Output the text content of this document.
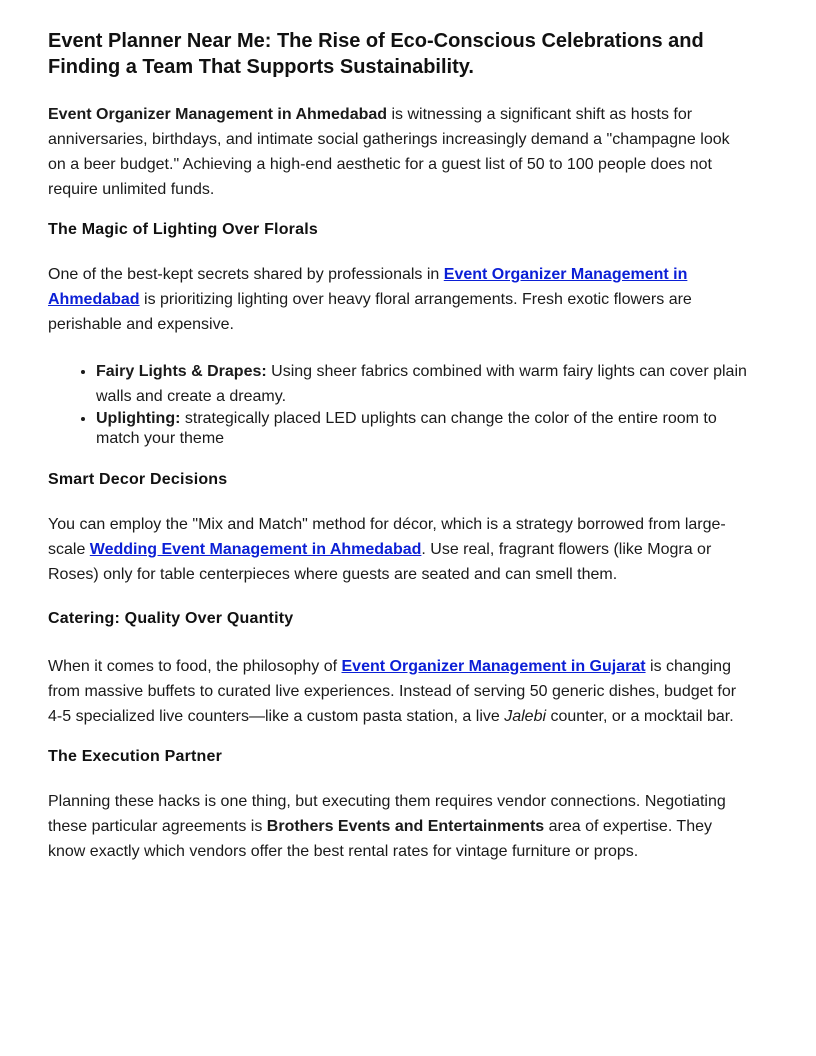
Event Planner Near Me: The Rise of Eco-Conscious Celebrations and Finding a Team That Supports Sustainability.

Event Organizer Management in Ahmedabad is witnessing a significant shift as hosts for anniversaries, birthdays, and intimate social gatherings increasingly demand a "champagne look on a beer budget." Achieving a high-end aesthetic for a guest list of 50 to 100 people does not require unlimited funds.

The Magic of Lighting Over Florals

One of the best-kept secrets shared by professionals in Event Organizer Management in Ahmedabad is prioritizing lighting over heavy floral arrangements. Fresh exotic flowers are perishable and expensive.

• Fairy Lights & Drapes: Using sheer fabrics combined with warm fairy lights can cover plain walls and create a dreamy.
• Uplighting: strategically placed LED uplights can change the color of the entire room to match your theme
Smart Decor Decisions

You can employ the "Mix and Match" method for décor, which is a strategy borrowed from large-scale Wedding Event Management in Ahmedabad. Use real, fragrant flowers (like Mogra or Roses) only for table centerpieces where guests are seated and can smell them.

Catering: Quality Over Quantity

When it comes to food, the philosophy of Event Organizer Management in Gujarat is changing from massive buffets to curated live experiences. Instead of serving 50 generic dishes, budget for 4-5 specialized live counters—like a custom pasta station, a live Jalebi counter, or a mocktail bar.

The Execution Partner

Planning these hacks is one thing, but executing them requires vendor connections. Negotiating these particular agreements is Brothers Events and Entertainments area of expertise. They know exactly which vendors offer the best rental rates for vintage furniture or props.
